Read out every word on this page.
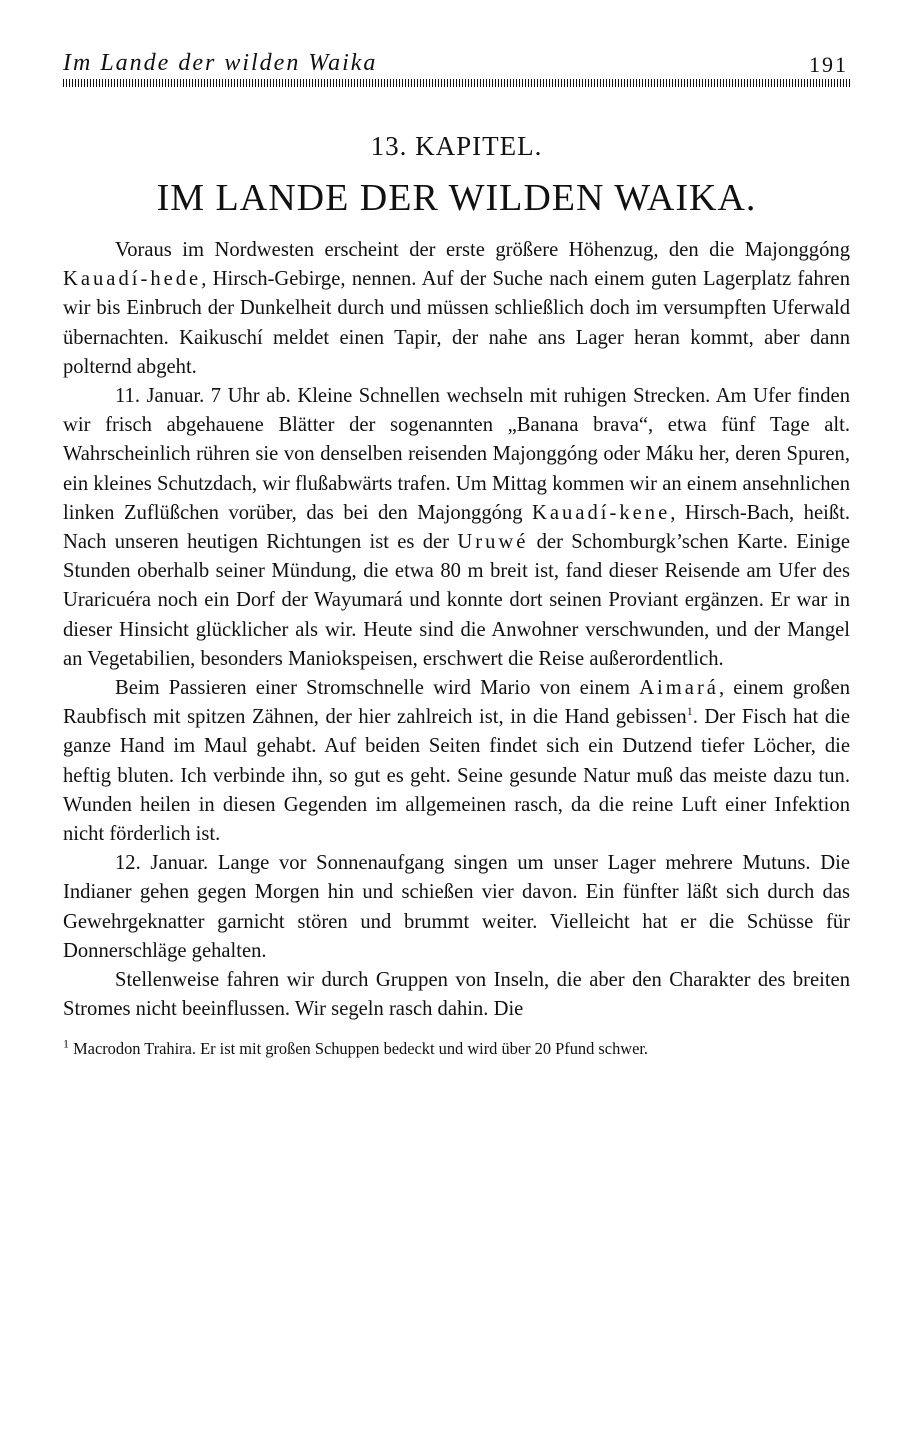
Im Lande der wilden Waika	191
13. KAPITEL.
IM LANDE DER WILDEN WAIKA.

Voraus im Nordwesten erscheint der erste größere Höhenzug, den die Majonggóng Kauadí-hede, Hirsch-Gebirge, nennen. Auf der Suche nach einem guten Lagerplatz fahren wir bis Einbruch der Dunkelheit durch und müssen schließlich doch im versumpften Uferwald übernachten. Kaikuschí meldet einen Tapir, der nahe ans Lager heran kommt, aber dann polternd abgeht.

11. Januar. 7 Uhr ab. Kleine Schnellen wechseln mit ruhigen Strecken. Am Ufer finden wir frisch abgehauene Blätter der sogenannten „Banana brava“, etwa fünf Tage alt. Wahrscheinlich rühren sie von denselben reisenden Majonggóng oder Máku her, deren Spuren, ein kleines Schutzdach, wir flußabwärts trafen. Um Mittag kommen wir an einem ansehnlichen linken Zuflüßchen vorüber, das bei den Majonggóng Kauadí-kene, Hirsch-Bach, heißt. Nach unseren heutigen Richtungen ist es der Uruwé der Schomburgk’schen Karte. Einige Stunden oberhalb seiner Mündung, die etwa 80 m breit ist, fand dieser Reisende am Ufer des Uraricuéra noch ein Dorf der Wayumará und konnte dort seinen Proviant ergänzen. Er war in dieser Hinsicht glücklicher als wir. Heute sind die Anwohner verschwunden, und der Mangel an Vegetabilien, besonders Maniokspeisen, erschwert die Reise außerordentlich.

Beim Passieren einer Stromschnelle wird Mario von einem Aimará, einem großen Raubfisch mit spitzen Zähnen, der hier zahlreich ist, in die Hand gebissen$^1$. Der Fisch hat die ganze Hand im Maul gehabt. Auf beiden Seiten findet sich ein Dutzend tiefer Löcher, die heftig bluten. Ich verbinde ihn, so gut es geht. Seine gesunde Natur muß das meiste dazu tun. Wunden heilen in diesen Gegenden im allgemeinen rasch, da die reine Luft einer Infektion nicht förderlich ist.

12. Januar. Lange vor Sonnenaufgang singen um unser Lager mehrere Mutuns. Die Indianer gehen gegen Morgen hin und schießen vier davon. Ein fünfter läßt sich durch das Gewehrgeknatter garnicht stören und brummt weiter. Vielleicht hat er die Schüsse für Donnerschläge gehalten.

Stellenweise fahren wir durch Gruppen von Inseln, die aber den Charakter des breiten Stromes nicht beeinflussen. Wir segeln rasch dahin. Die

$^1$ Macrodon Trahira. Er ist mit großen Schuppen bedeckt und wird über 20 Pfund schwer.
